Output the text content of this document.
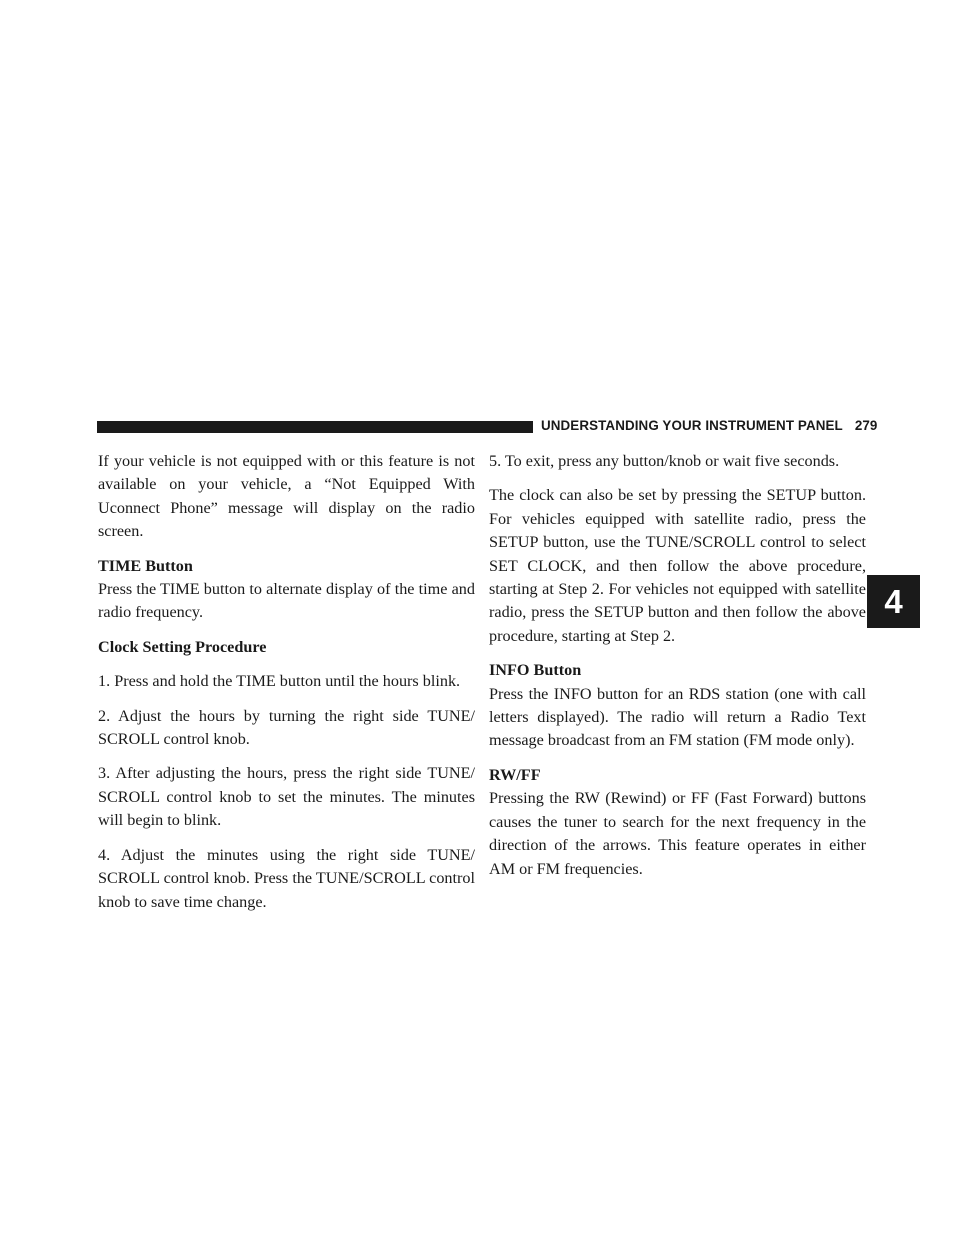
UNDERSTANDING YOUR INSTRUMENT PANEL 279
4

If your vehicle is not equipped with or this feature is not available on your vehicle, a “Not Equipped With Uconnect Phone” message will display on the radio screen.

TIME Button

Press the TIME button to alternate display of the time and radio frequency.

Clock Setting Procedure

1. Press and hold the TIME button until the hours blink.

2. Adjust the hours by turning the right side TUNE/ SCROLL control knob.

3. After adjusting the hours, press the right side TUNE/ SCROLL control knob to set the minutes. The minutes will begin to blink.

4. Adjust the minutes using the right side TUNE/ SCROLL control knob. Press the TUNE/SCROLL control knob to save time change.

5. To exit, press any button/knob or wait five seconds.

The clock can also be set by pressing the SETUP button. For vehicles equipped with satellite radio, press the SETUP button, use the TUNE/SCROLL control to select SET CLOCK, and then follow the above procedure, starting at Step 2. For vehicles not equipped with satellite radio, press the SETUP button and then follow the above procedure, starting at Step 2.

INFO Button

Press the INFO button for an RDS station (one with call letters displayed). The radio will return a Radio Text message broadcast from an FM station (FM mode only).

RW/FF

Pressing the RW (Rewind) or FF (Fast Forward) buttons causes the tuner to search for the next frequency in the direction of the arrows. This feature operates in either AM or FM frequencies.
